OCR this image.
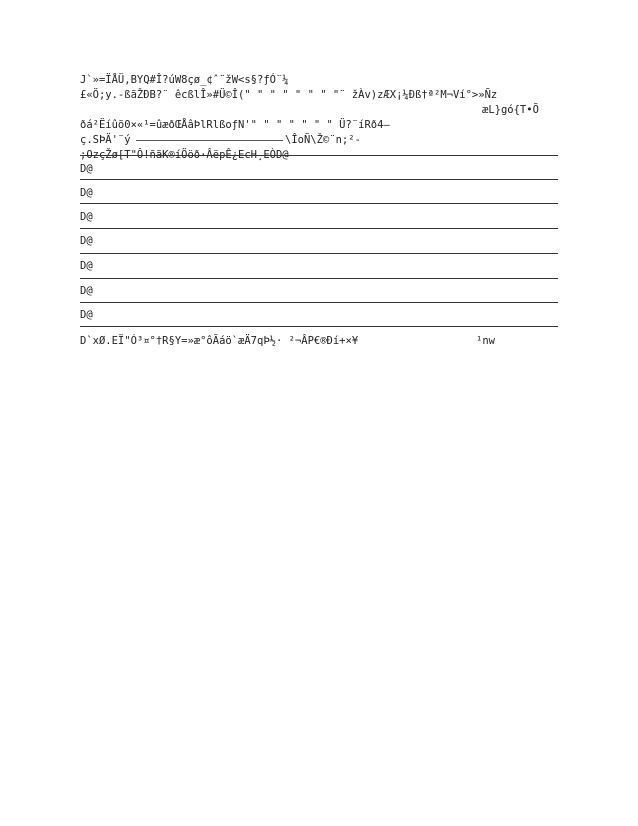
J`»=ÏÅÜ,BYQ#Î?úW8çø_¢ˆ¨žW<s§?ƒÓ¨¼
£«Ö;y.-ßãŽÐB?¨ êcßlÎ»#Ü©Î(" " " " " " " "¨ žÀv)zÆX¡¼Ðß†ª²M¬Ví°>»Ñz
æL}gó{T•Õ
ðá²Ëíûõ0×«¹=ûæðŒÅâÞlRlßoƒN'" " " " " " " Ü?¨íRð4—
ç.SÞÄ'¨ý	\ÎoÑ\Ž©¨n;²-
;OzçŽø[T"Ô!ñãK®íÖöð·ÂëpÊ¿EcH¸EÒD@
D@
D@
D@
D@
D@
D@
D@
D`xØ.EÏ"Ó³¤°†R§Y=»æ°ôÃáö`æÄ7qÞ½· ²¬ÂP€®Ðí+×¥	¹nw
